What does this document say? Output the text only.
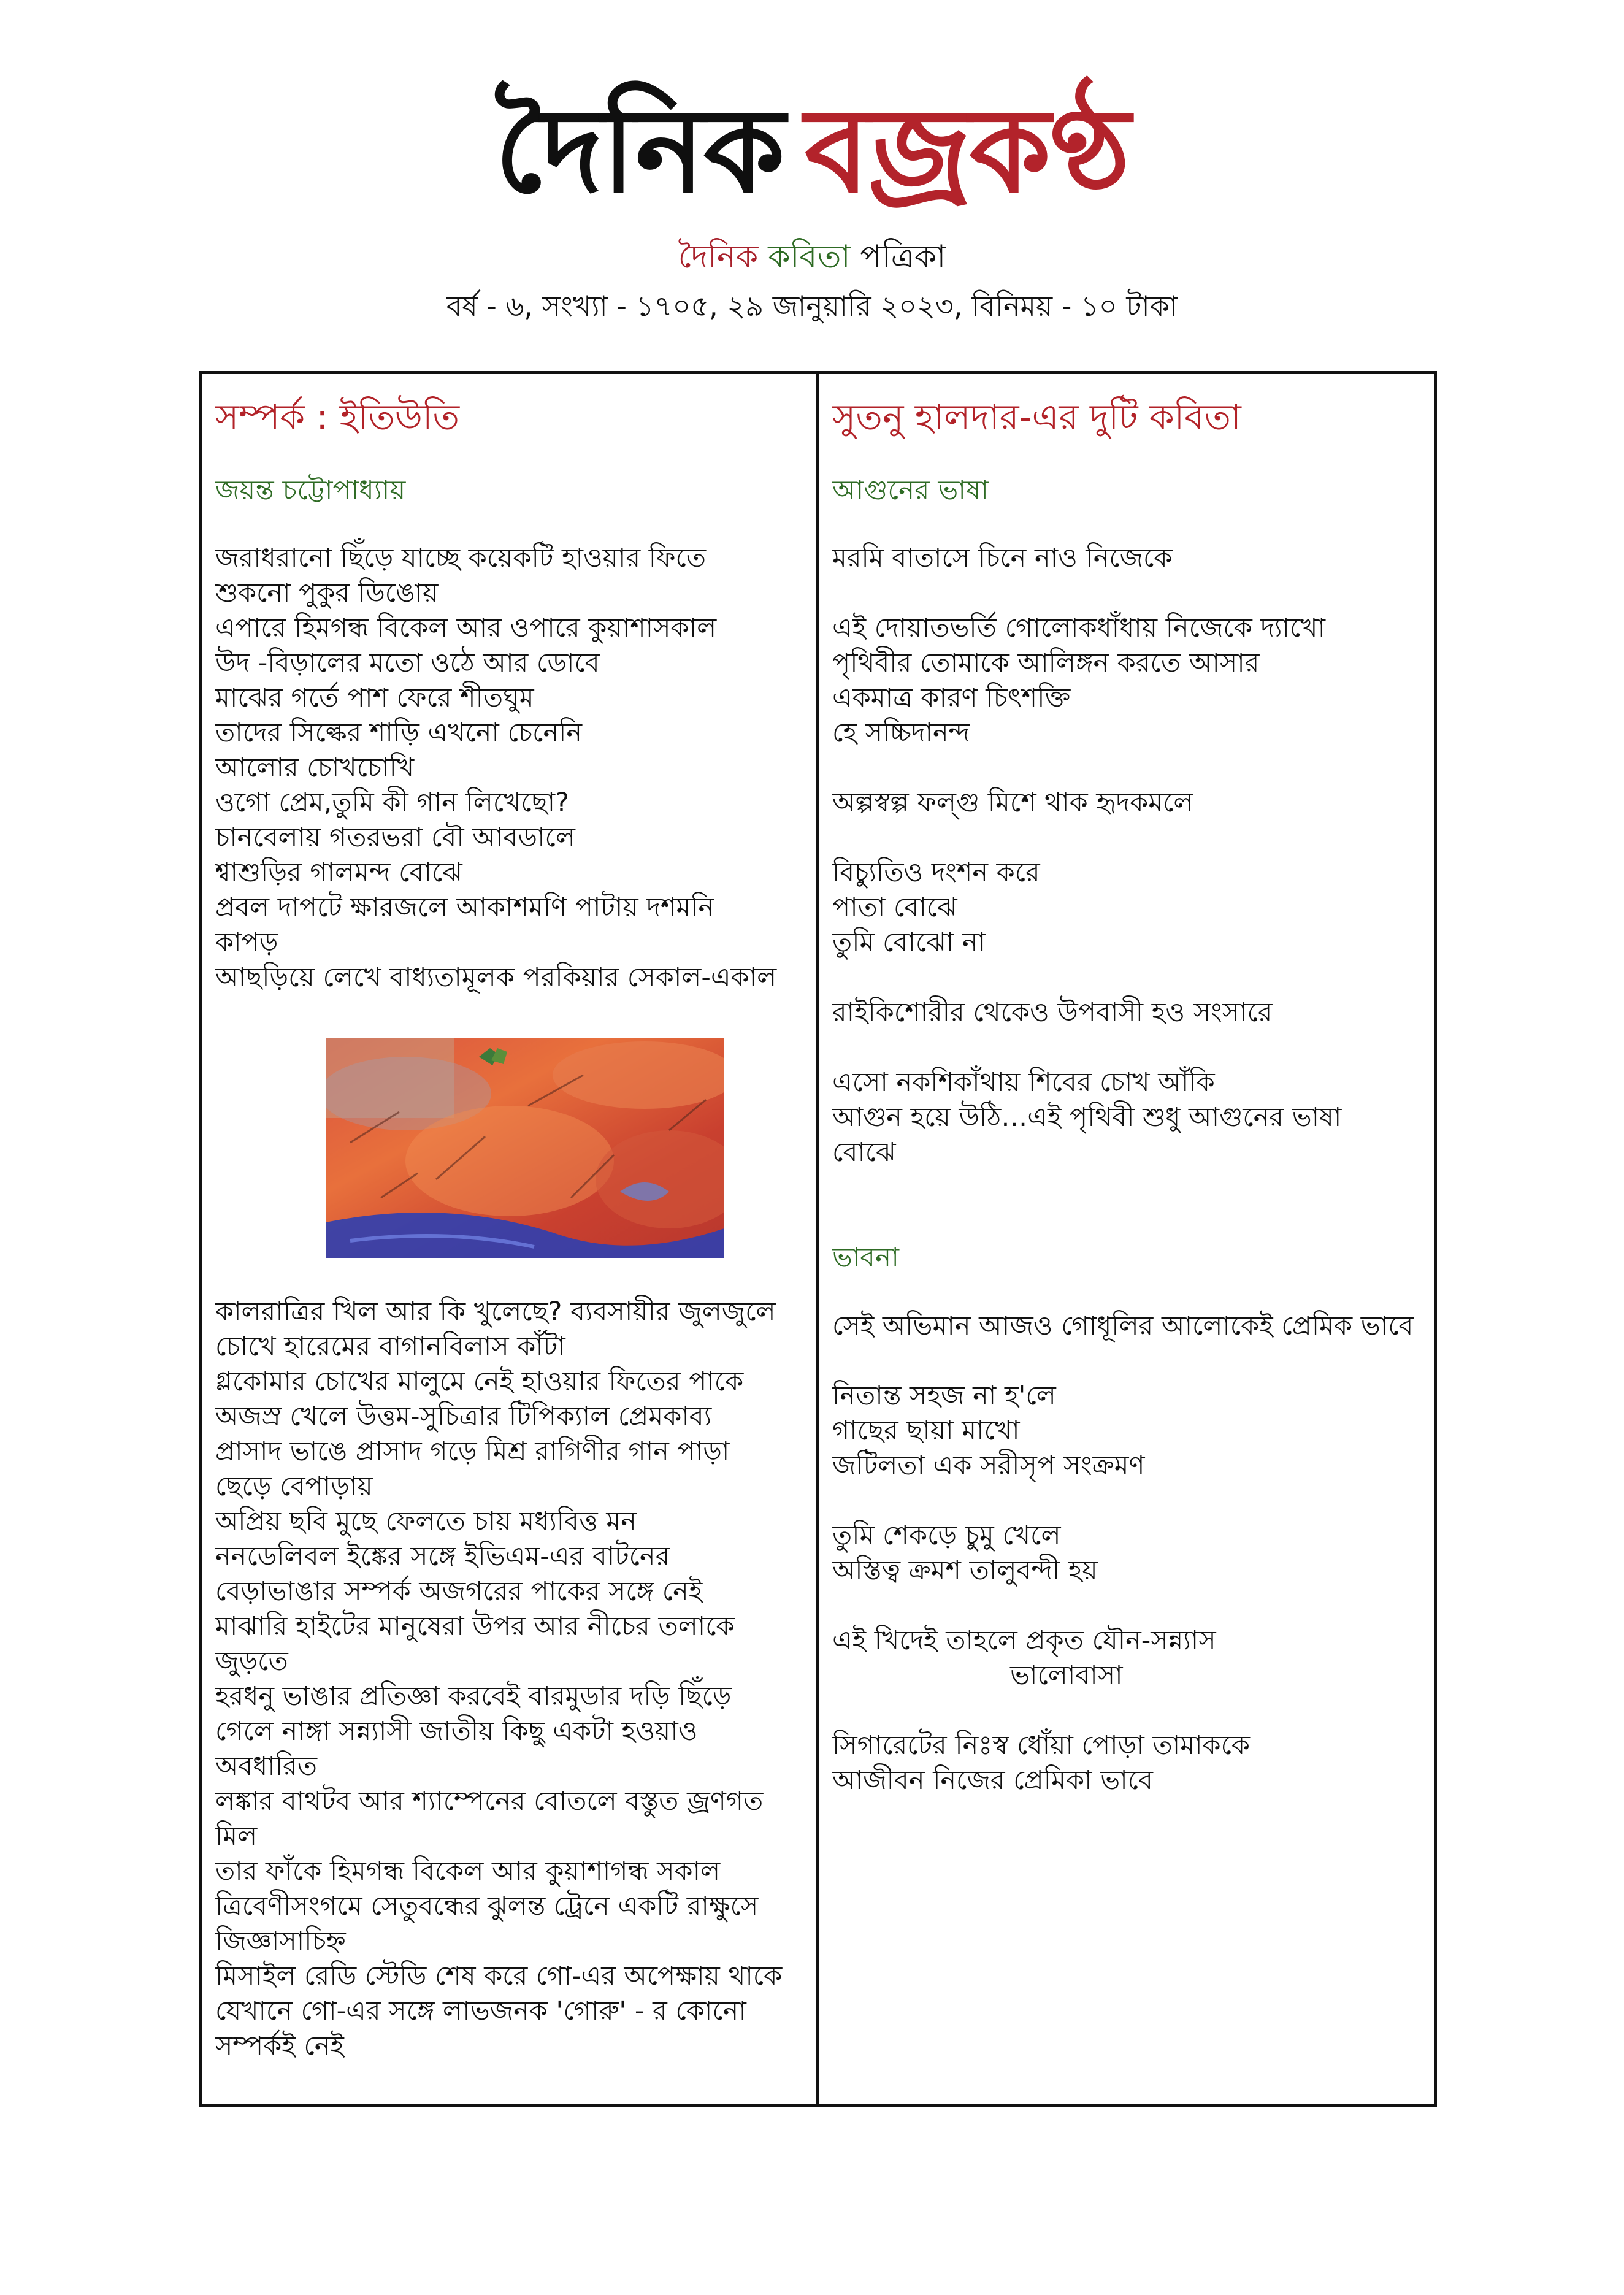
দৈনিক বজ্রকণ্ঠ
দৈনিক কবিতা পত্রিকা
বর্ষ - ৬, সংখ্যা - ১৭০৫, ২৯ জানুয়ারি ২০২৩, বিনিময় - ১০ টাকা
সম্পর্ক : ইতিউতি
জয়ন্ত চট্টোপাধ্যায়
জরাধরানো ছিঁড়ে যাচ্ছে কয়েকটি হাওয়ার ফিতে
শুকনো পুকুর ডিঙোয়
এপারে হিমগন্ধ বিকেল আর ওপারে কুয়াশাসকাল
উদ -বিড়ালের মতো ওঠে আর ডোবে
মাঝের গর্তে পাশ ফেরে শীতঘুম
তাদের সিল্কের শাড়ি এখনো চেনেনি
আলোর চোখচোখি
ওগো প্রেম,তুমি কী গান লিখেছো?
চানবেলায় গতরভরা বৌ আবডালে
শ্বাশুড়ির গালমন্দ বোঝে
প্রবল দাপটে ক্ষারজলে আকাশমণি পাটায় দশমনি
কাপড়
আছড়িয়ে লেখে বাধ্যতামূলক পরকিয়ার সেকাল-একাল
কালরাত্রির খিল আর কি খুলেছে? ব্যবসায়ীর জুলজুলে
চোখে হারেমের বাগানবিলাস কাঁটা
গ্লকোমার চোখের মালুমে নেই হাওয়ার ফিতের পাকে
অজস্র খেলে উত্তম-সুচিত্রার টিপিক্যাল প্রেমকাব্য
প্রাসাদ ভাঙে প্রাসাদ গড়ে মিশ্র রাগিণীর গান পাড়া
ছেড়ে বেপাড়ায়
অপ্রিয় ছবি মুছে ফেলতে চায় মধ্যবিত্ত মন
ননডেলিবল ইঙ্কের সঙ্গে ইভিএম-এর বাটনের
বেড়াভাঙার সম্পর্ক অজগরের পাকের সঙ্গে নেই
মাঝারি হাইটের মানুষেরা উপর আর নীচের তলাকে
জুড়তে
হরধনু ভাঙার প্রতিজ্ঞা করবেই বারমুডার দড়ি ছিঁড়ে
গেলে নাঙ্গা সন্ন্যাসী জাতীয় কিছু একটা হওয়াও
অবধারিত
লঙ্কার বাথটব আর শ্যাম্পেনের বোতলে বস্তুত জ্রণগত
মিল
তার ফাঁকে হিমগন্ধ বিকেল আর কুয়াশাগন্ধ সকাল
ত্রিবেণীসংগমে সেতুবন্ধের ঝুলন্ত ট্রেনে একটি রাক্ষুসে
জিজ্ঞাসাচিহ্ন
মিসাইল রেডি স্টেডি শেষ করে গো-এর অপেক্ষায় থাকে
যেখানে গো-এর সঙ্গে লাভজনক 'গোরু' - র কোনো
সম্পর্কই নেই
সুতনু হালদার-এর দুটি কবিতা
আগুনের ভাষা
মরমি বাতাসে চিনে নাও নিজেকে
এই দোয়াতভর্তি গোলোকধাঁধায় নিজেকে দ্যাখো
পৃথিবীর তোমাকে আলিঙ্গন করতে আসার
একমাত্র কারণ চিৎশক্তি
হে সচ্চিদানন্দ
অল্পস্বল্প ফল্গু মিশে থাক হৃদকমলে
বিচ্যুতিও দংশন করে
পাতা বোঝে
তুমি বোঝো না
রাইকিশোরীর থেকেও উপবাসী হও সংসারে
এসো নকশিকাঁথায় শিবের চোখ আঁকি
আগুন হয়ে উঠি…এই পৃথিবী শুধু আগুনের ভাষা
বোঝে
ভাবনা
সেই অভিমান আজও গোধূলির আলোকেই প্রেমিক ভাবে
নিতান্ত সহজ না হ'লে
গাছের ছায়া মাখো
জটিলতা এক সরীসৃপ সংক্রমণ
তুমি শেকড়ে চুমু খেলে
অস্তিত্ব ক্রমশ তালুবন্দী হয়
এই খিদেই তাহলে প্রকৃত যৌন-সন্ন্যাস
ভালোবাসা
সিগারেটের নিঃস্ব ধোঁয়া পোড়া তামাককে
আজীবন নিজের প্রেমিকা ভাবে
